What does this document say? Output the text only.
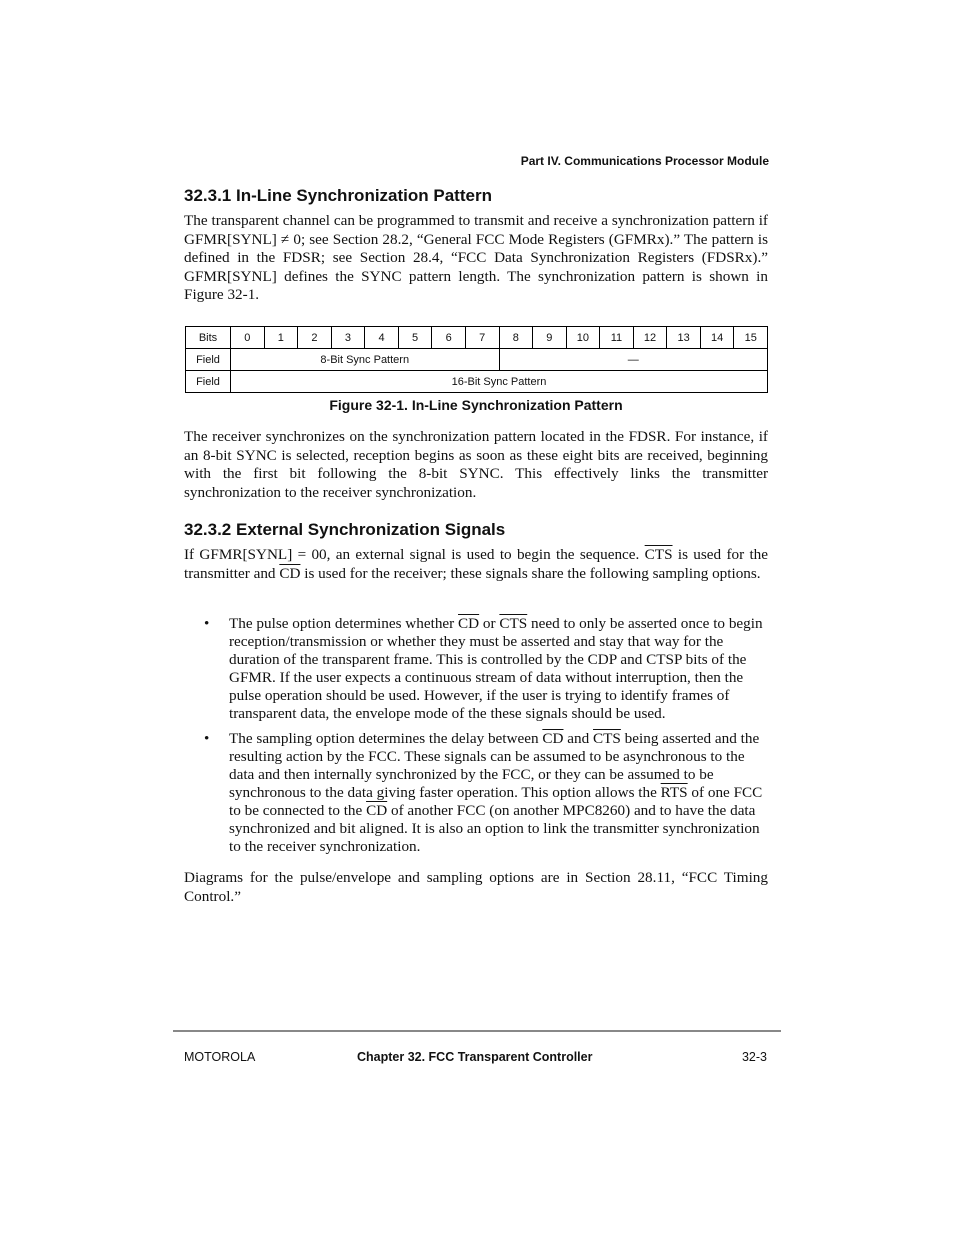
Part IV. Communications Processor Module
32.3.1 In-Line Synchronization Pattern

The transparent channel can be programmed to transmit and receive a synchronization pattern if GFMR[SYNL] ≠ 0; see Section 28.2, “General FCC Mode Registers (GFMRx).” The pattern is defined in the FDSR; see Section 28.4, “FCC Data Synchronization Registers (FDSRx).” GFMR[SYNL] defines the SYNC pattern length. The synchronization pattern is shown in Figure 32-1.

Bits	0	1	2	3	4	5	6	7	8	9	10	11	12	13	14	15
Field	8-Bit Sync Pattern								—							
Field	16-Bit Sync Pattern															
Figure 32-1. In-Line Synchronization Pattern

The receiver synchronizes on the synchronization pattern located in the FDSR. For instance, if an 8-bit SYNC is selected, reception begins as soon as these eight bits are received, beginning with the first bit following the 8-bit SYNC. This effectively links the transmitter synchronization to the receiver synchronization.

32.3.2 External Synchronization Signals

If GFMR[SYNL] = 00, an external signal is used to begin the sequence. $\overline{CTS}$ is used for the transmitter and $\overline{CD}$ is used for the receiver; these signals share the following sampling options.

• The pulse option determines whether $\overline{CD}$ or $\overline{CTS}$ need to only be asserted once to begin reception/transmission or whether they must be asserted and stay that way for the duration of the transparent frame. This is controlled by the CDP and CTSP bits of the GFMR. If the user expects a continuous stream of data without interruption, then the pulse operation should be used. However, if the user is trying to identify frames of transparent data, the envelope mode of the these signals should be used.
• The sampling option determines the delay between $\overline{CD}$ and $\overline{CTS}$ being asserted and the resulting action by the FCC. These signals can be assumed to be asynchronous to the data and then internally synchronized by the FCC, or they can be assumed to be synchronous to the data giving faster operation. This option allows the $\overline{RTS}$ of one FCC to be connected to the $\overline{CD}$ of another FCC (on another MPC8260) and to have the data synchronized and bit aligned. It is also an option to link the transmitter synchronization to the receiver synchronization.

Diagrams for the pulse/envelope and sampling options are in Section 28.11, “FCC Timing Control.”

MOTOROLA	Chapter 32. FCC Transparent Controller	32-3
